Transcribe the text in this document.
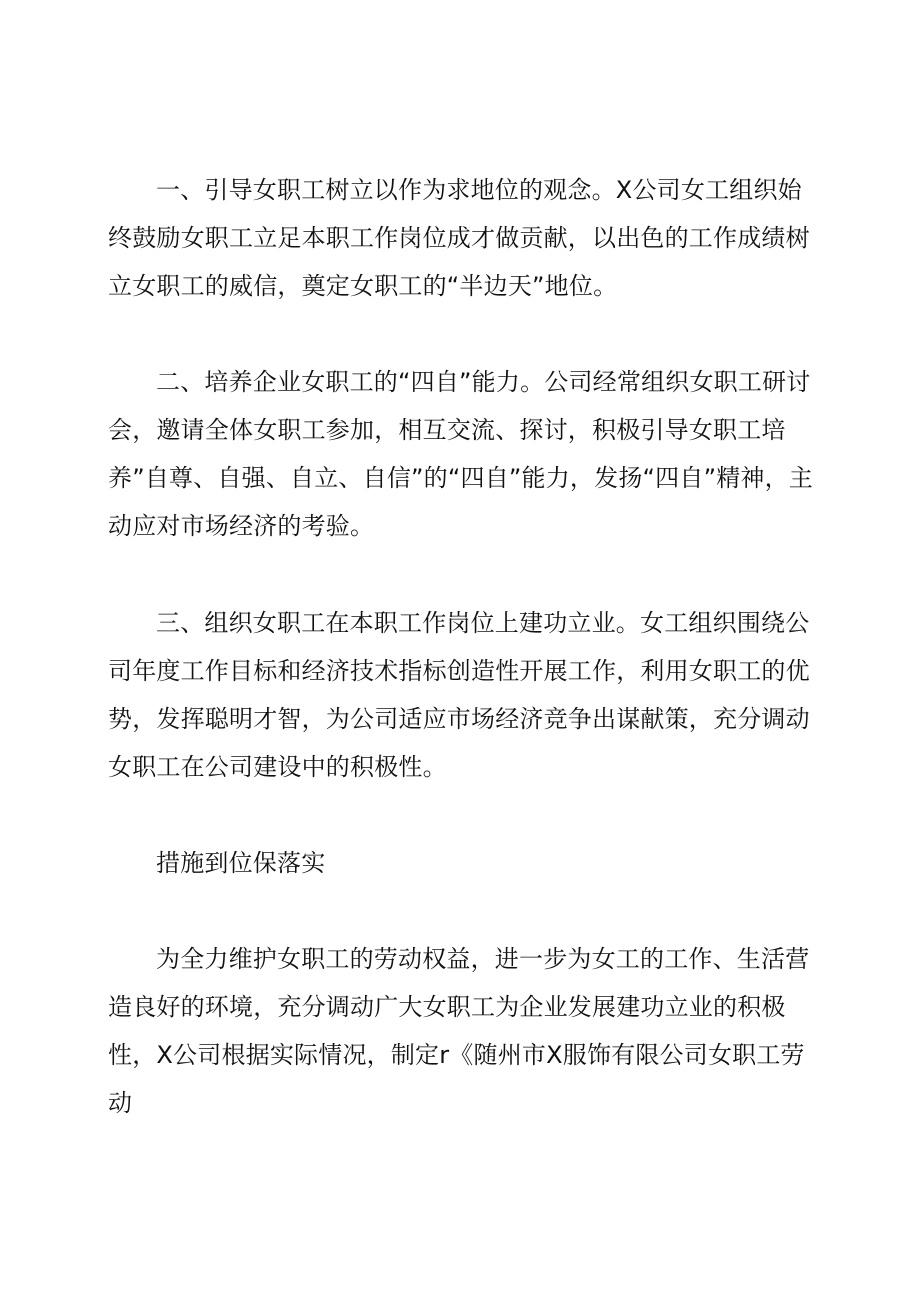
一、引导女职工树立以作为求地位的观念。X公司女工组织始终鼓励女职工立足本职工作岗位成才做贡献，以出色的工作成绩树立女职工的威信，奠定女职工的“半边天”地位。

二、培养企业女职工的“四自”能力。公司经常组织女职工研讨会，邀请全体女职工参加，相互交流、探讨，积极引导女职工培养”自尊、自强、自立、自信”的“四自”能力，发扬“四自”精神，主动应对市场经济的考验。

三、组织女职工在本职工作岗位上建功立业。女工组织围绕公司年度工作目标和经济技术指标创造性开展工作，利用女职工的优势，发挥聪明才智，为公司适应市场经济竞争出谋献策，充分调动女职工在公司建设中的积极性。

措施到位保落实

为全力维护女职工的劳动权益，进一步为女工的工作、生活营造良好的环境，充分调动广大女职工为企业发展建功立业的积极性，X公司根据实际情况，制定r《随州市X服饰有限公司女职工劳动
